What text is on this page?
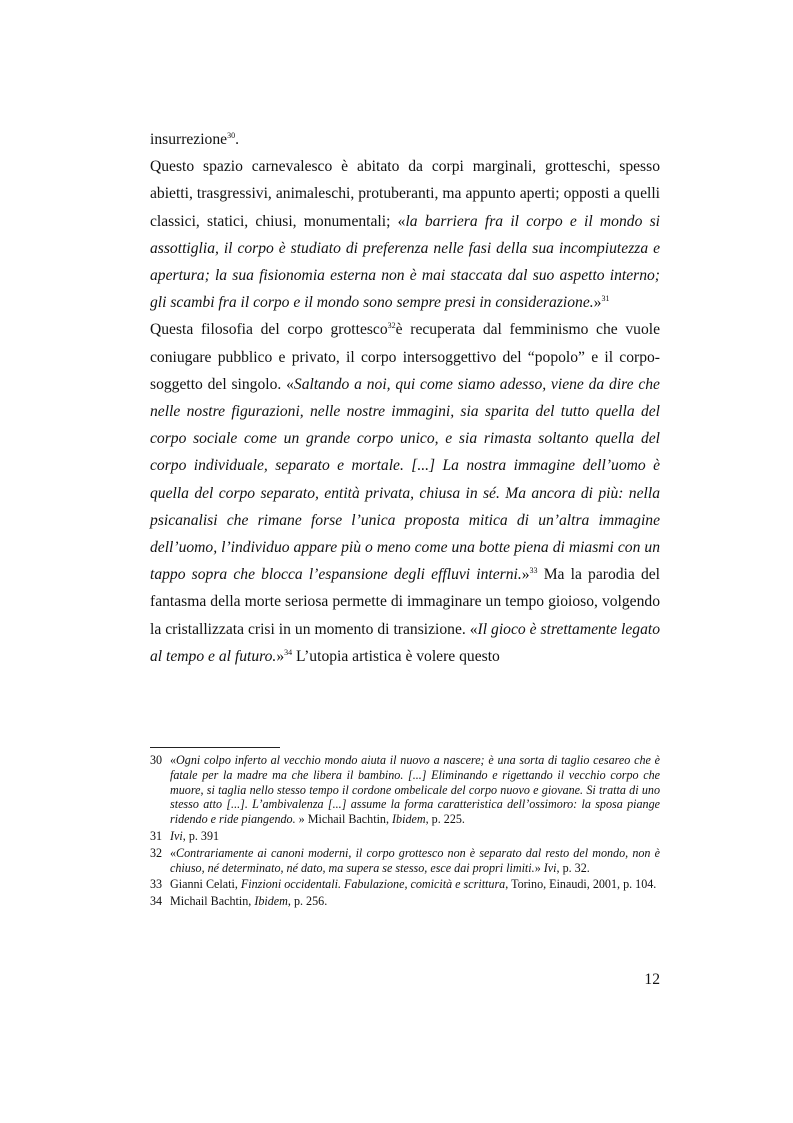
insurrezione$^{30}$.

Questo spazio carnevalesco è abitato da corpi marginali, grotteschi, spesso abietti, trasgressivi, animaleschi, protuberanti, ma appunto aperti; opposti a quelli classici, statici, chiusi, monumentali; «la barriera fra il corpo e il mondo si assottiglia, il corpo è studiato di preferenza nelle fasi della sua incompiutezza e apertura; la sua fisionomia esterna non è mai staccata dal suo aspetto interno; gli scambi fra il corpo e il mondo sono sempre presi in considerazione.»$^{31}$

Questa filosofia del corpo grottesco$^{32}$è recuperata dal femminismo che vuole coniugare pubblico e privato, il corpo intersoggettivo del “popolo” e il corpo-soggetto del singolo. «Saltando a noi, qui come siamo adesso, viene da dire che nelle nostre figurazioni, nelle nostre immagini, sia sparita del tutto quella del corpo sociale come un grande corpo unico, e sia rimasta soltanto quella del corpo individuale, separato e mortale. [...] La nostra immagine dell’uomo è quella del corpo separato, entità privata, chiusa in sé. Ma ancora di più: nella psicanalisi che rimane forse l’unica proposta mitica di un’altra immagine dell’uomo, l’individuo appare più o meno come una botte piena di miasmi con un tappo sopra che blocca l’espansione degli effluvi interni.»$^{33}$ Ma la parodia del fantasma della morte seriosa permette di immaginare un tempo gioioso, volgendo la cristallizzata crisi in un momento di transizione. «Il gioco è strettamente legato al tempo e al futuro.»$^{34}$ L’utopia artistica è volere questo

30 «Ogni colpo inferto al vecchio mondo aiuta il nuovo a nascere; è una sorta di taglio cesareo che è fatale per la madre ma che libera il bambino. [...] Eliminando e rigettando il vecchio corpo che muore, si taglia nello stesso tempo il cordone ombelicale del corpo nuovo e giovane. Si tratta di uno stesso atto [...]. L’ambivalenza [...] assume la forma caratteristica dell’ossimoro: la sposa piange ridendo e ride piangendo. » Michail Bachtin, Ibidem, p. 225.
31 Ivi, p. 391
32 «Contrariamente ai canoni moderni, il corpo grottesco non è separato dal resto del mondo, non è chiuso, né determinato, né dato, ma supera se stesso, esce dai propri limiti.» Ivi, p. 32.
33 Gianni Celati, Finzioni occidentali. Fabulazione, comicità e scrittura, Torino, Einaudi, 2001, p. 104.
34 Michail Bachtin, Ibidem, p. 256.
12
